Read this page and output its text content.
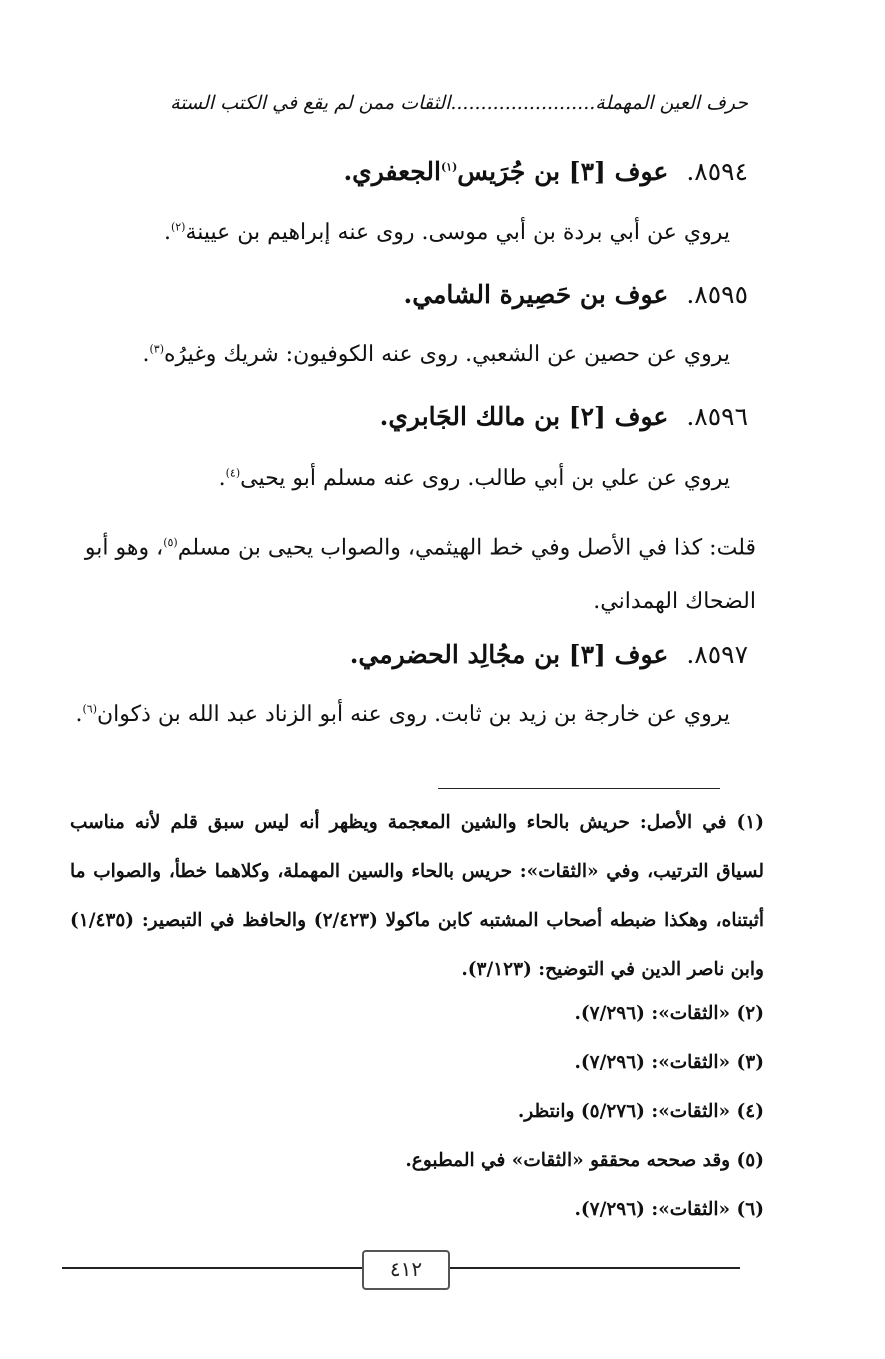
حرف العين المهملة........................الثقات ممن لم يقع في الكتب الستة
٨٥٩٤.عوف [٣] بن جُرَيس$^{(١)}$الجعفري.
يروي عن أبي بردة بن أبي موسى. روى عنه إبراهيم بن عيينة$^{(٢)}$.
٨٥٩٥.عوف بن حَصِيرة الشامي.
يروي عن حصين عن الشعبي. روى عنه الكوفيون: شريك وغيرُه$^{(٣)}$.
٨٥٩٦.عوف [٢] بن مالك الجَابري.
يروي عن علي بن أبي طالب. روى عنه مسلم أبو يحيى$^{(٤)}$.
قلت: كذا في الأصل وفي خط الهيثمي، والصواب يحيى بن مسلم$^{(٥)}$، وهو أبو الضحاك الهمداني.
٨٥٩٧.عوف [٣] بن مجُالِد الحضرمي.
يروي عن خارجة بن زيد بن ثابت. روى عنه أبو الزناد عبد الله بن ذكوان$^{(٦)}$.
(١) في الأصل: حريش بالحاء والشين المعجمة ويظهر أنه ليس سبق قلم لأنه مناسب لسياق الترتيب، وفي «الثقات»: حريس بالحاء والسين المهملة، وكلاهما خطأ، والصواب ما أثبتناه، وهكذا ضبطه أصحاب المشتبه كابن ماكولا (٢/٤٢٣) والحافظ في التبصير: (١/٤٣٥) وابن ناصر الدين في التوضيح: (٣/١٢٣).
(٢) «الثقات»: (٧/٢٩٦).
(٣) «الثقات»: (٧/٢٩٦).
(٤) «الثقات»: (٥/٢٧٦) وانتظر.
(٥) وقد صححه محققو «الثقات» في المطبوع.
(٦) «الثقات»: (٧/٢٩٦).
٤١٢
